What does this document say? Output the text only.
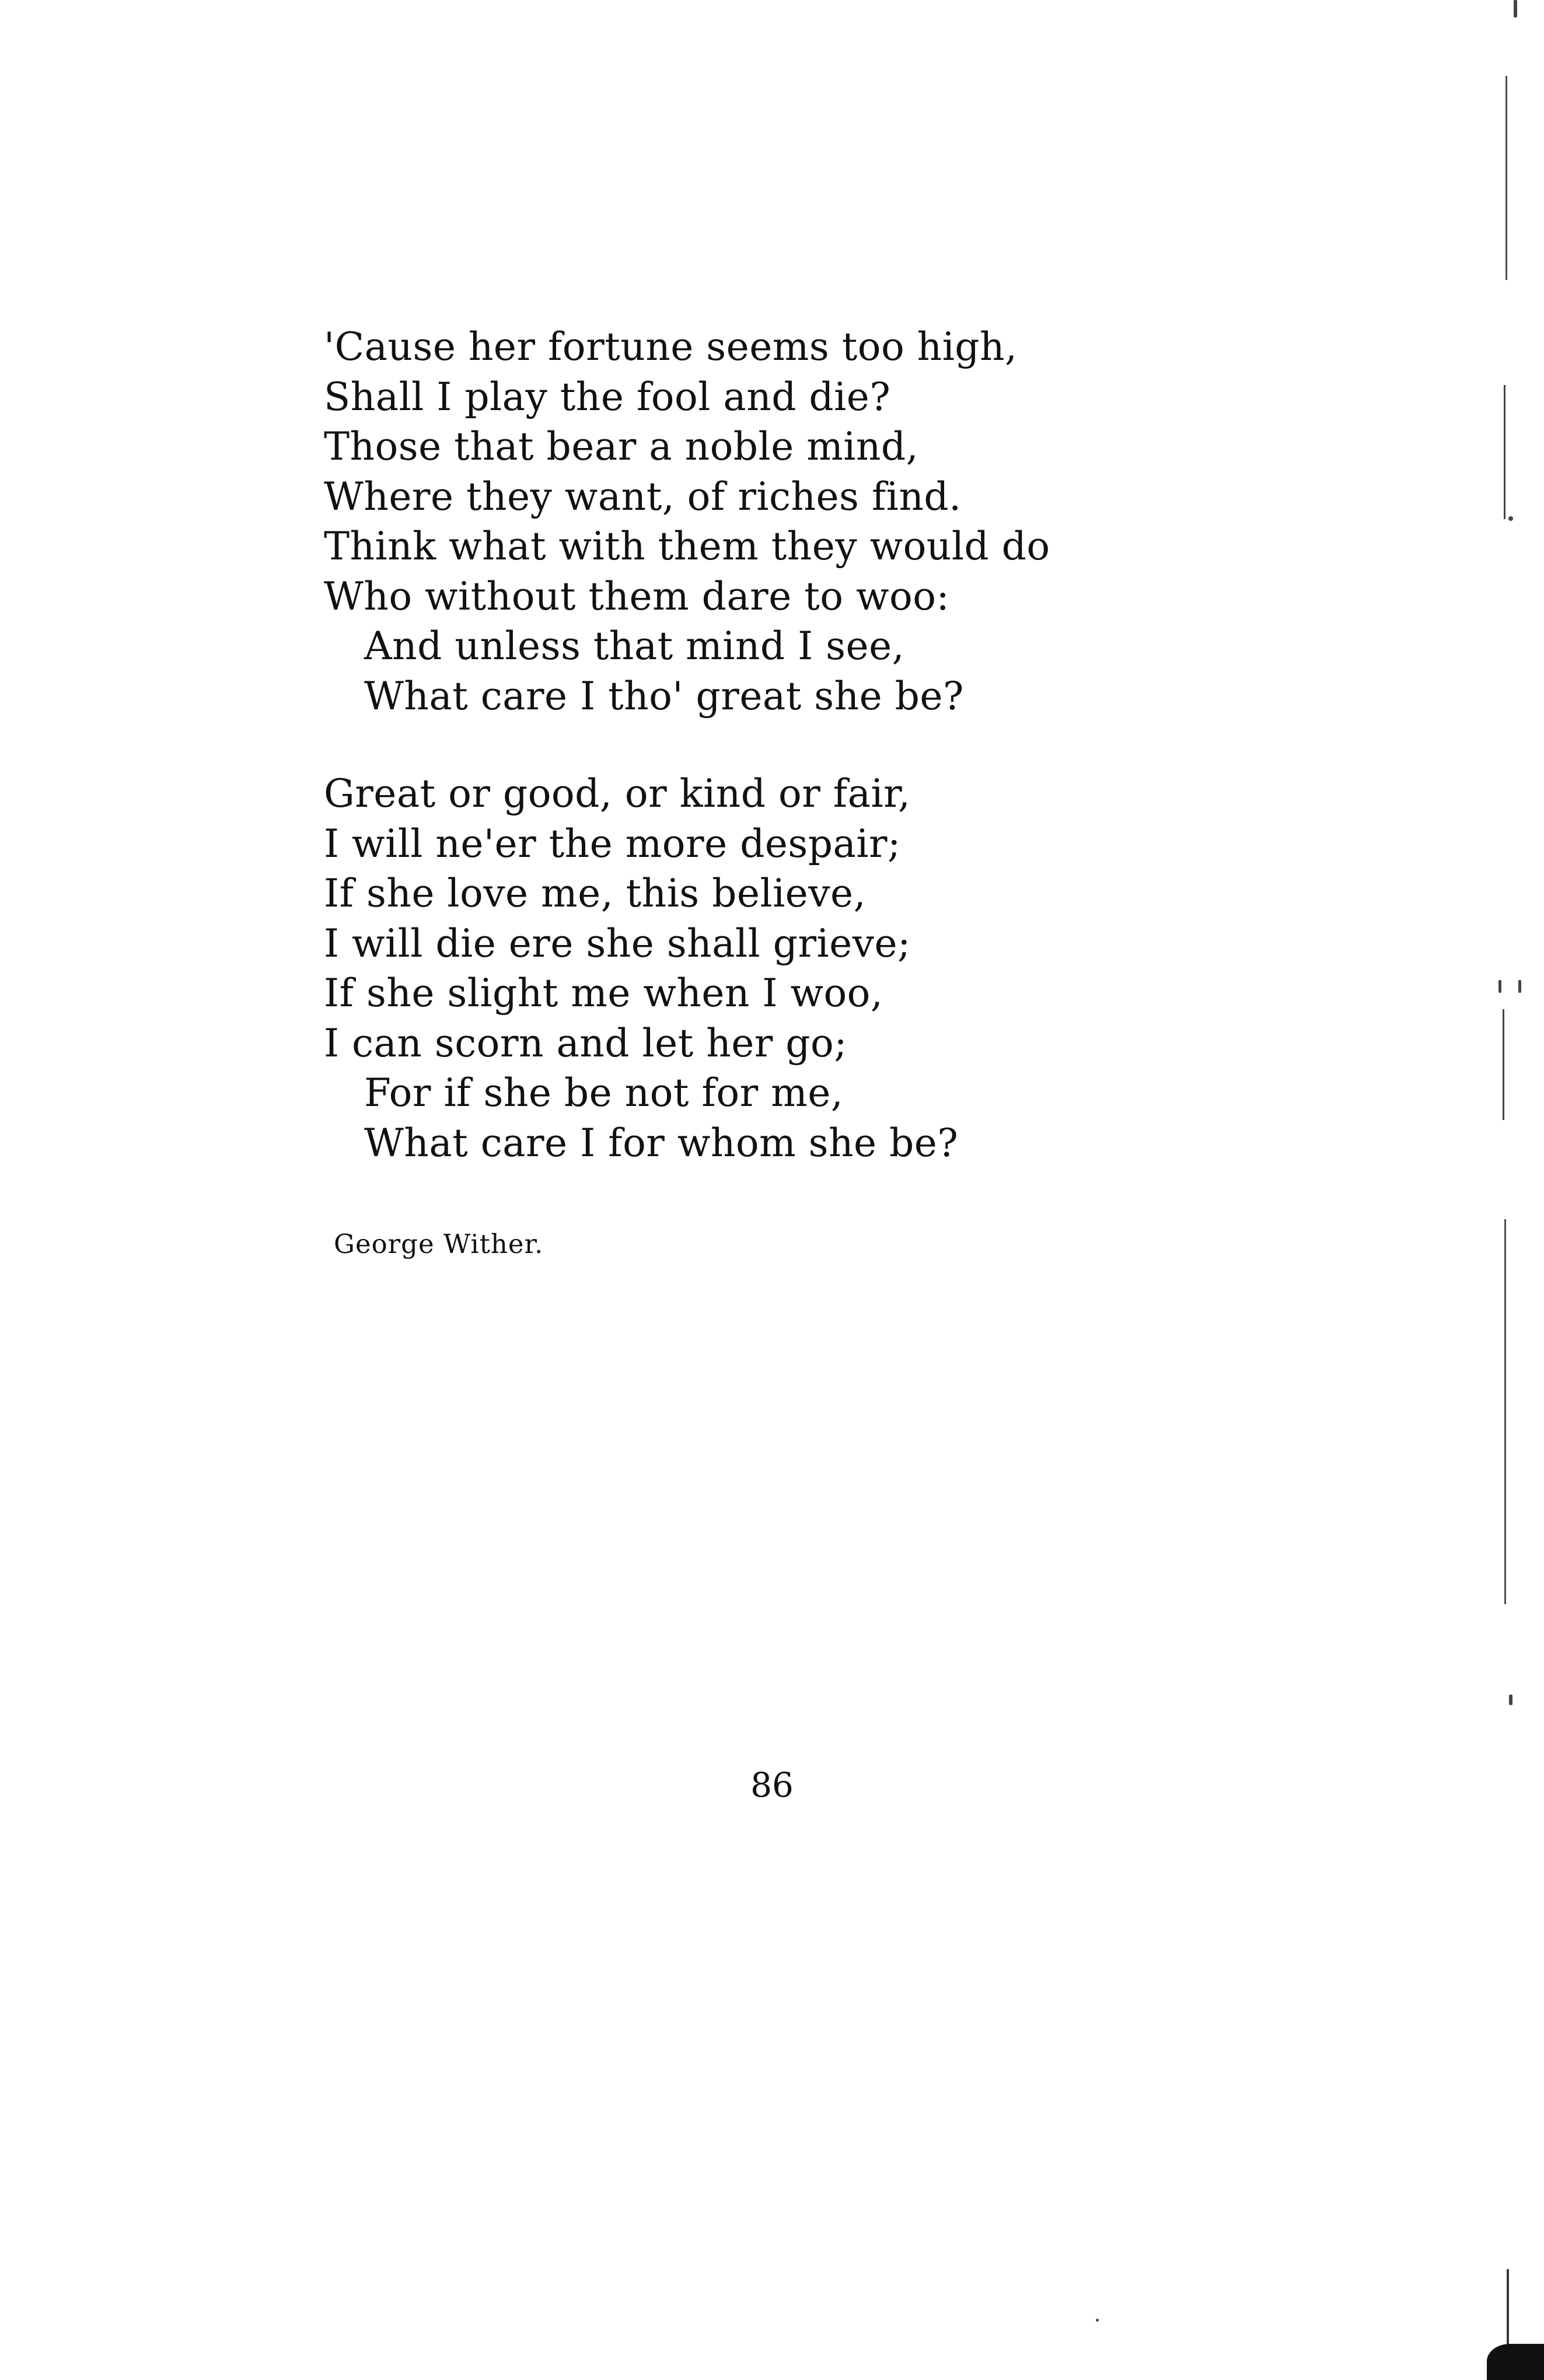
'Cause her fortune seems too high,
Shall I play the fool and die?
Those that bear a noble mind,
Where they want, of riches find.
Think what with them they would do
Who without them dare to woo:
And unless that mind I see,
What care I tho' great she be?
Great or good, or kind or fair,
I will ne'er the more despair;
If she love me, this believe,
I will die ere she shall grieve;
If she slight me when I woo,
I can scorn and let her go;
For if she be not for me,
What care I for whom she be?
George Wither.
86
